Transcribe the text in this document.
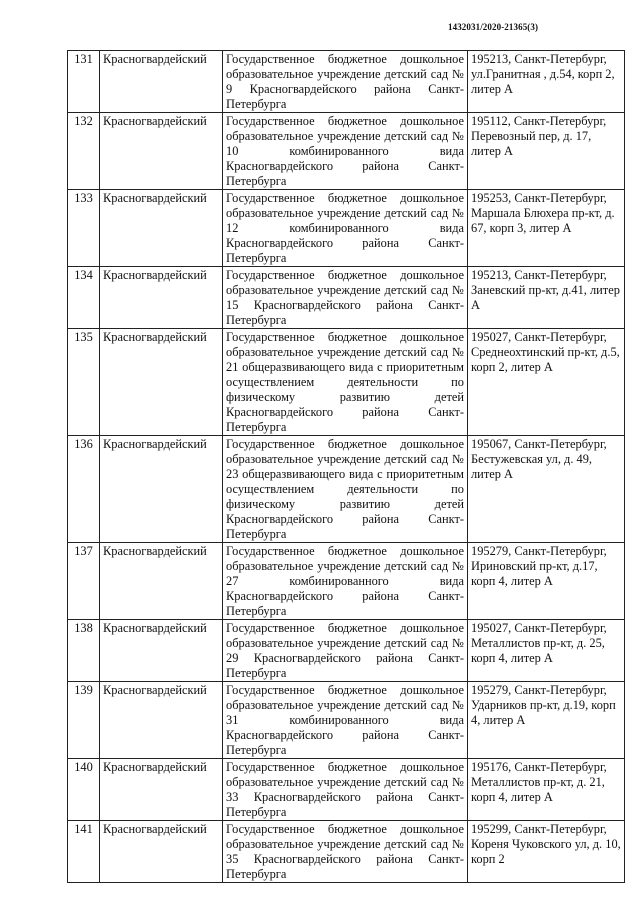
1432031/2020-21365(3)
131	Красногвардейский	Государственное бюджетное дошкольное образовательное учреждение детский сад № 9 Красногвардейского района Санкт-Петербурга	195213, Санкт-Петербург, ул.Гранитная , д.54, корп 2, литер А
132	Красногвардейский	Государственное бюджетное дошкольное образовательное учреждение детский сад № 10 комбинированного вида Красногвардейского района Санкт-Петербурга	195112, Санкт-Петербург, Перевозный пер, д. 17, литер А
133	Красногвардейский	Государственное бюджетное дошкольное образовательное учреждение детский сад № 12 комбинированного вида Красногвардейского района Санкт-Петербурга	195253, Санкт-Петербург, Маршала Блюхера пр-кт, д. 67, корп 3, литер А
134	Красногвардейский	Государственное бюджетное дошкольное образовательное учреждение детский сад № 15 Красногвардейского района Санкт-Петербурга	195213, Санкт-Петербург, Заневский пр-кт, д.41, литер А
135	Красногвардейский	Государственное бюджетное дошкольное образовательное учреждение детский сад № 21 общеразвивающего вида с приоритетным осуществлением деятельности по физическому развитию детей Красногвардейского района Санкт-Петербурга	195027, Санкт-Петербург, Среднеохтинский пр-кт, д.5, корп 2, литер А
136	Красногвардейский	Государственное бюджетное дошкольное образовательное учреждение детский сад № 23 общеразвивающего вида с приоритетным осуществлением деятельности по физическому развитию детей Красногвардейского района Санкт-Петербурга	195067, Санкт-Петербург, Бестужевская ул, д. 49, литер А
137	Красногвардейский	Государственное бюджетное дошкольное образовательное учреждение детский сад № 27 комбинированного вида Красногвардейского района Санкт-Петербурга	195279, Санкт-Петербург, Ириновский пр-кт, д.17, корп 4, литер А
138	Красногвардейский	Государственное бюджетное дошкольное образовательное учреждение детский сад № 29 Красногвардейского района Санкт-Петербурга	195027, Санкт-Петербург, Металлистов пр-кт, д. 25, корп 4, литер А
139	Красногвардейский	Государственное бюджетное дошкольное образовательное учреждение детский сад № 31 комбинированного вида Красногвардейского района Санкт-Петербурга	195279, Санкт-Петербург, Ударников пр-кт, д.19, корп 4, литер А
140	Красногвардейский	Государственное бюджетное дошкольное образовательное учреждение детский сад № 33 Красногвардейского района Санкт-Петербурга	195176, Санкт-Петербург, Металлистов пр-кт, д. 21, корп 4, литер А
141	Красногвардейский	Государственное бюджетное дошкольное образовательное учреждение детский сад № 35 Красногвардейского района Санкт-Петербурга	195299, Санкт-Петербург, Кореня Чуковского ул, д. 10, корп 2
